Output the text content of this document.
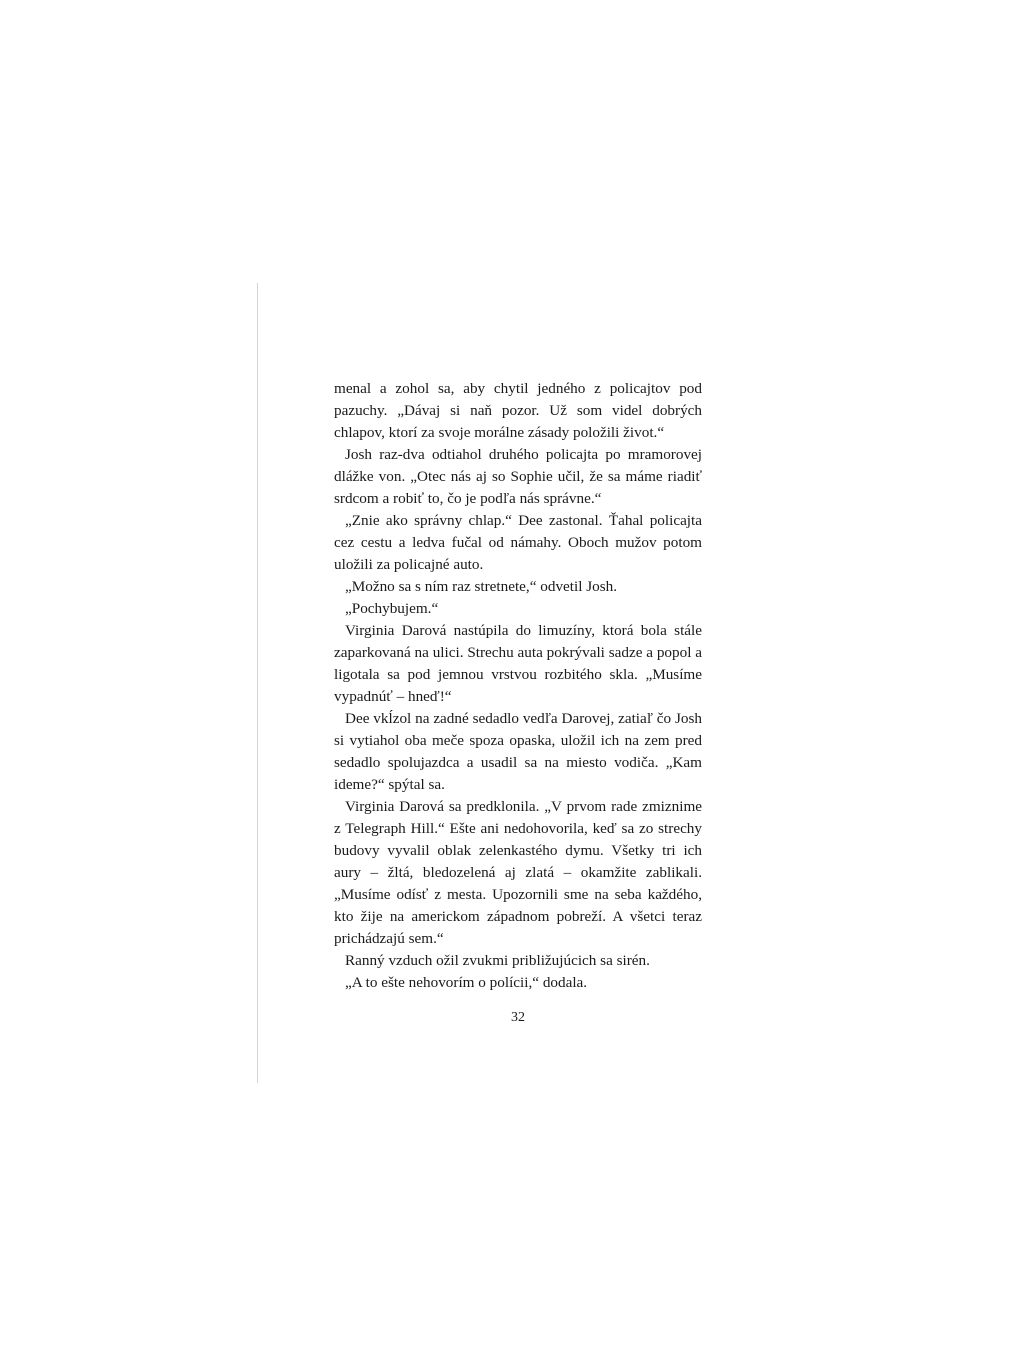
menal a zohol sa, aby chytil jedného z policajtov pod pazuchy. „Dávaj si naň pozor. Už som videl dobrých chlapov, ktorí za svoje morálne zásady položili život.“

Josh raz-dva odtiahol druhého policajta po mramorovej dlážke von. „Otec nás aj so Sophie učil, že sa máme riadiť srdcom a robiť to, čo je podľa nás správne.“

„Znie ako správny chlap.“ Dee zastonal. Ťahal policajta cez cestu a ledva fučal od námahy. Oboch mužov potom uložili za policajné auto.

„Možno sa s ním raz stretnete,“ odvetil Josh.

„Pochybujem.“

Virginia Darová nastúpila do limuzíny, ktorá bola stále zaparkovaná na ulici. Strechu auta pokrývali sadze a popol a ligotala sa pod jemnou vrstvou rozbitého skla. „Musíme vypadnúť – hneď!“

Dee vkĺzol na zadné sedadlo vedľa Darovej, zatiaľ čo Josh si vytiahol oba meče spoza opaska, uložil ich na zem pred sedadlo spolujazdca a usadil sa na miesto vodiča. „Kam ideme?“ spýtal sa.

Virginia Darová sa predklonila. „V prvom rade zmiznime z Telegraph Hill.“ Ešte ani nedohovorila, keď sa zo strechy budovy vyvalil oblak zelenkastého dymu. Všetky tri ich aury – žltá, bledozelená aj zlatá – okamžite zablikali. „Musíme odísť z mesta. Upozornili sme na seba každého, kto žije na americkom západnom pobreží. A všetci teraz prichádzajú sem.“

Ranný vzduch ožil zvukmi približujúcich sa sirén.

„A to ešte nehovorím o polícii,“ dodala.

32
